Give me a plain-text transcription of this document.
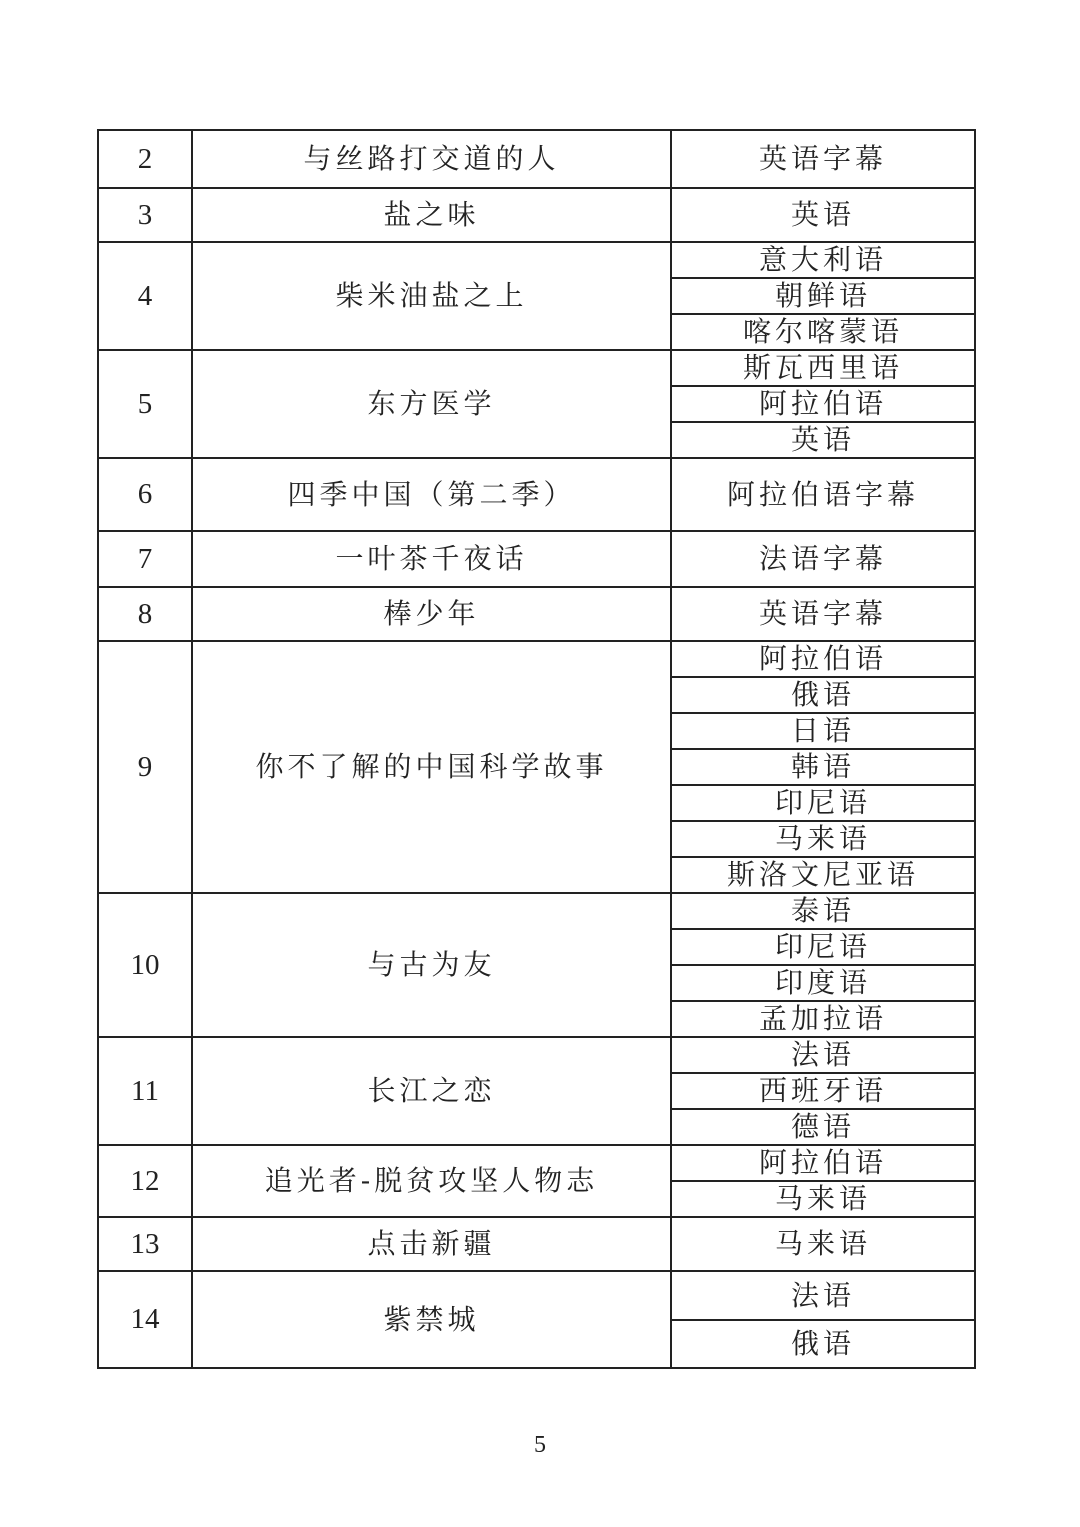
2	与丝路打交道的人	英语字幕
3	盐之味	英语
4	柴米油盐之上	意大利语
		朝鲜语
		喀尔喀蒙语
5	东方医学	斯瓦西里语
		阿拉伯语
		英语
6	四季中国（第二季）	阿拉伯语字幕
7	一叶茶千夜话	法语字幕
8	棒少年	英语字幕
9	你不了解的中国科学故事	阿拉伯语
		俄语
		日语
		韩语
		印尼语
		马来语
		斯洛文尼亚语
10	与古为友	泰语
		印尼语
		印度语
		孟加拉语
11	长江之恋	法语
		西班牙语
		德语
12	追光者-脱贫攻坚人物志	阿拉伯语
		马来语
13	点击新疆	马来语
14	紫禁城	法语
		俄语
5
